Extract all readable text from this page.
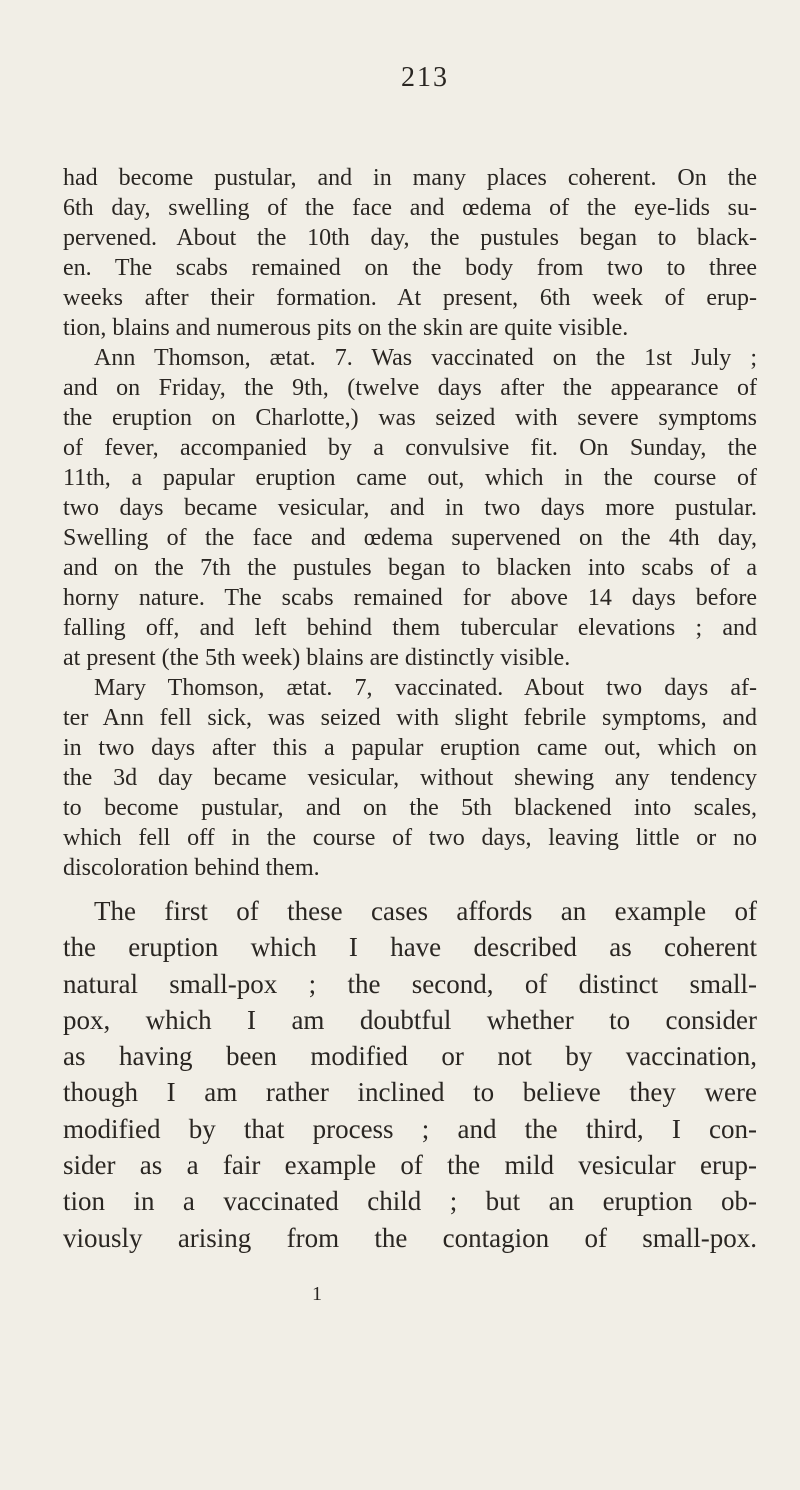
213
had become pustular, and in many places coherent. On the
6th day, swelling of the face and œdema of the eye-lids su-
pervened. About the 10th day, the pustules began to black-
en. The scabs remained on the body from two to three
weeks after their formation. At present, 6th week of erup-
tion, blains and numerous pits on the skin are quite visible.
Ann Thomson, ætat. 7. Was vaccinated on the 1st July ;
and on Friday, the 9th, (twelve days after the appearance of
the eruption on Charlotte,) was seized with severe symptoms
of fever, accompanied by a convulsive fit. On Sunday, the
11th, a papular eruption came out, which in the course of
two days became vesicular, and in two days more pustular.
Swelling of the face and œdema supervened on the 4th day,
and on the 7th the pustules began to blacken into scabs of a
horny nature. The scabs remained for above 14 days before
falling off, and left behind them tubercular elevations ; and
at present (the 5th week) blains are distinctly visible.
Mary Thomson, ætat. 7, vaccinated. About two days af-
ter Ann fell sick, was seized with slight febrile symptoms, and
in two days after this a papular eruption came out, which on
the 3d day became vesicular, without shewing any tendency
to become pustular, and on the 5th blackened into scales,
which fell off in the course of two days, leaving little or no
discoloration behind them.
The first of these cases affords an example of
the eruption which I have described as coherent
natural small-pox ; the second, of distinct small-
pox, which I am doubtful whether to consider
as having been modified or not by vaccination,
though I am rather inclined to believe they were
modified by that process ; and the third, I con-
sider as a fair example of the mild vesicular erup-
tion in a vaccinated child ; but an eruption ob-
viously arising from the contagion of small-pox.
1
